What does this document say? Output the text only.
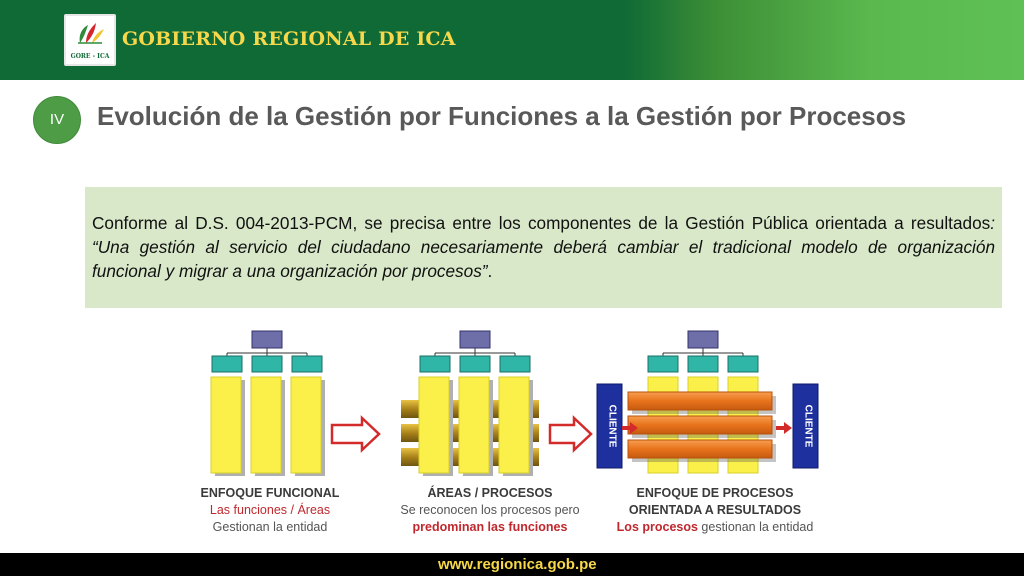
GORE - ICA
GOBIERNO REGIONAL DE ICA
IV	Evolución de la Gestión por Funciones a la Gestión por Procesos
Conforme al D.S. 004-2013-PCM, se precisa entre los componentes de la Gestión Pública orientada a resultados: “Una gestión al servicio del ciudadano necesariamente deberá cambiar el tradicional modelo de organización funcional y migrar a una organización por procesos”.
CLIENTE	CLIENTE
ENFOQUE FUNCIONAL
Las funciones / Áreas
Gestionan la entidad
ÁREAS / PROCESOS
Se reconocen los procesos pero
predominan las funciones
ENFOQUE DE PROCESOS
ORIENTADA A RESULTADOS
Los procesos gestionan la entidad
www.regionica.gob.pe
